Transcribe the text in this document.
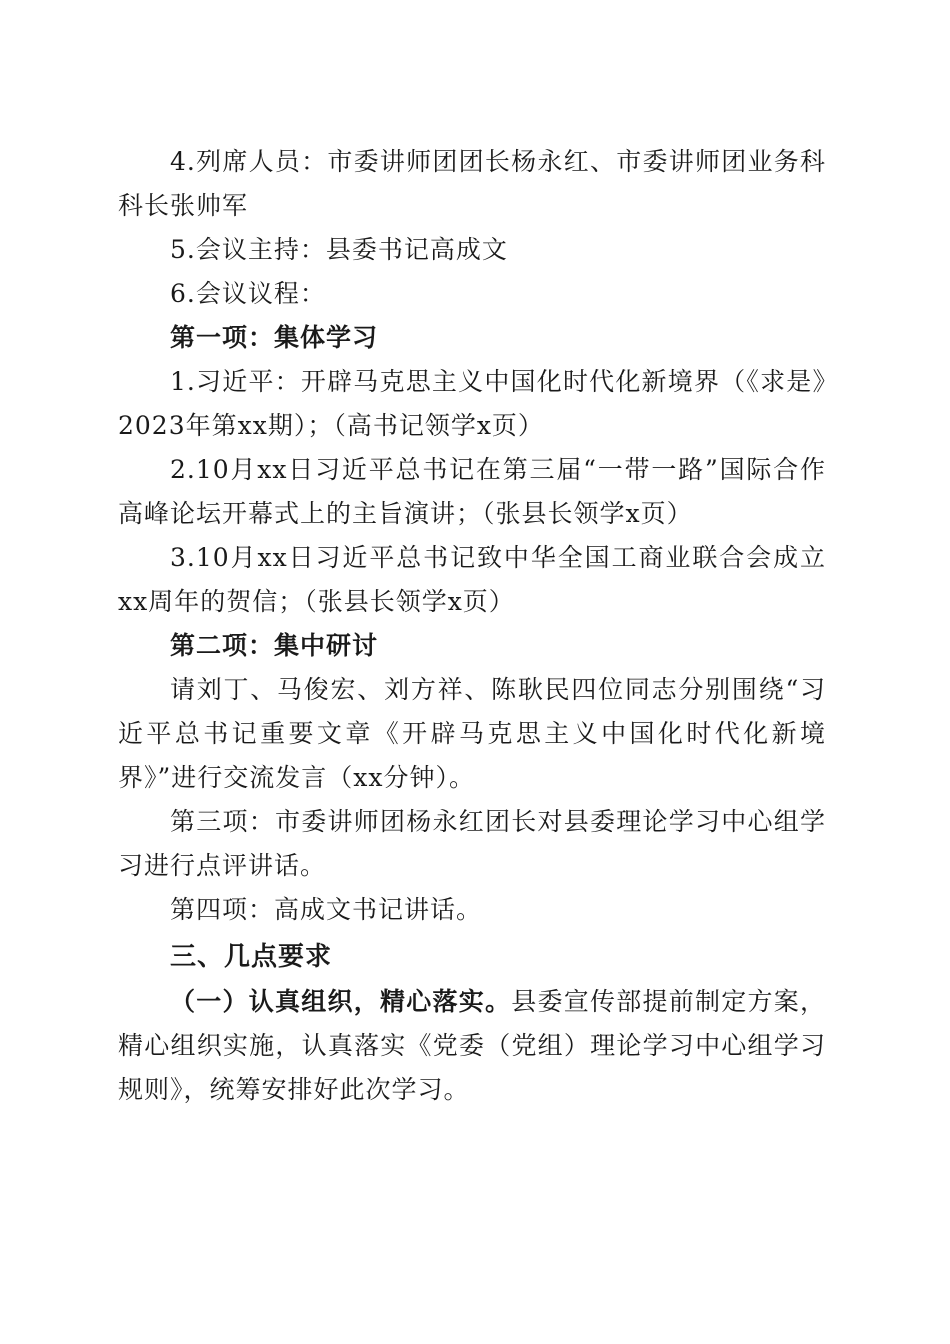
4.列席人员：市委讲师团团长杨永红、市委讲师团业务科科长张帅军

5.会议主持：县委书记高成文

6.会议议程：

第一项：集体学习

1.习近平：开辟马克思主义中国化时代化新境界（《求是》2023年第xx期）；（高书记领学x页）

2.10月xx日习近平总书记在第三届“一带一路”国际合作高峰论坛开幕式上的主旨演讲；（张县长领学x页）

3.10月xx日习近平总书记致中华全国工商业联合会成立xx周年的贺信；（张县长领学x页）

第二项：集中研讨

请刘丁、马俊宏、刘方祥、陈耿民四位同志分别围绕“习近平总书记重要文章《开辟马克思主义中国化时代化新境界》”进行交流发言（xx分钟）。

第三项：市委讲师团杨永红团长对县委理论学习中心组学习进行点评讲话。

第四项：高成文书记讲话。

三、几点要求

（一）认真组织，精心落实。县委宣传部提前制定方案，精心组织实施，认真落实《党委（党组）理论学习中心组学习规则》，统筹安排好此次学习。
